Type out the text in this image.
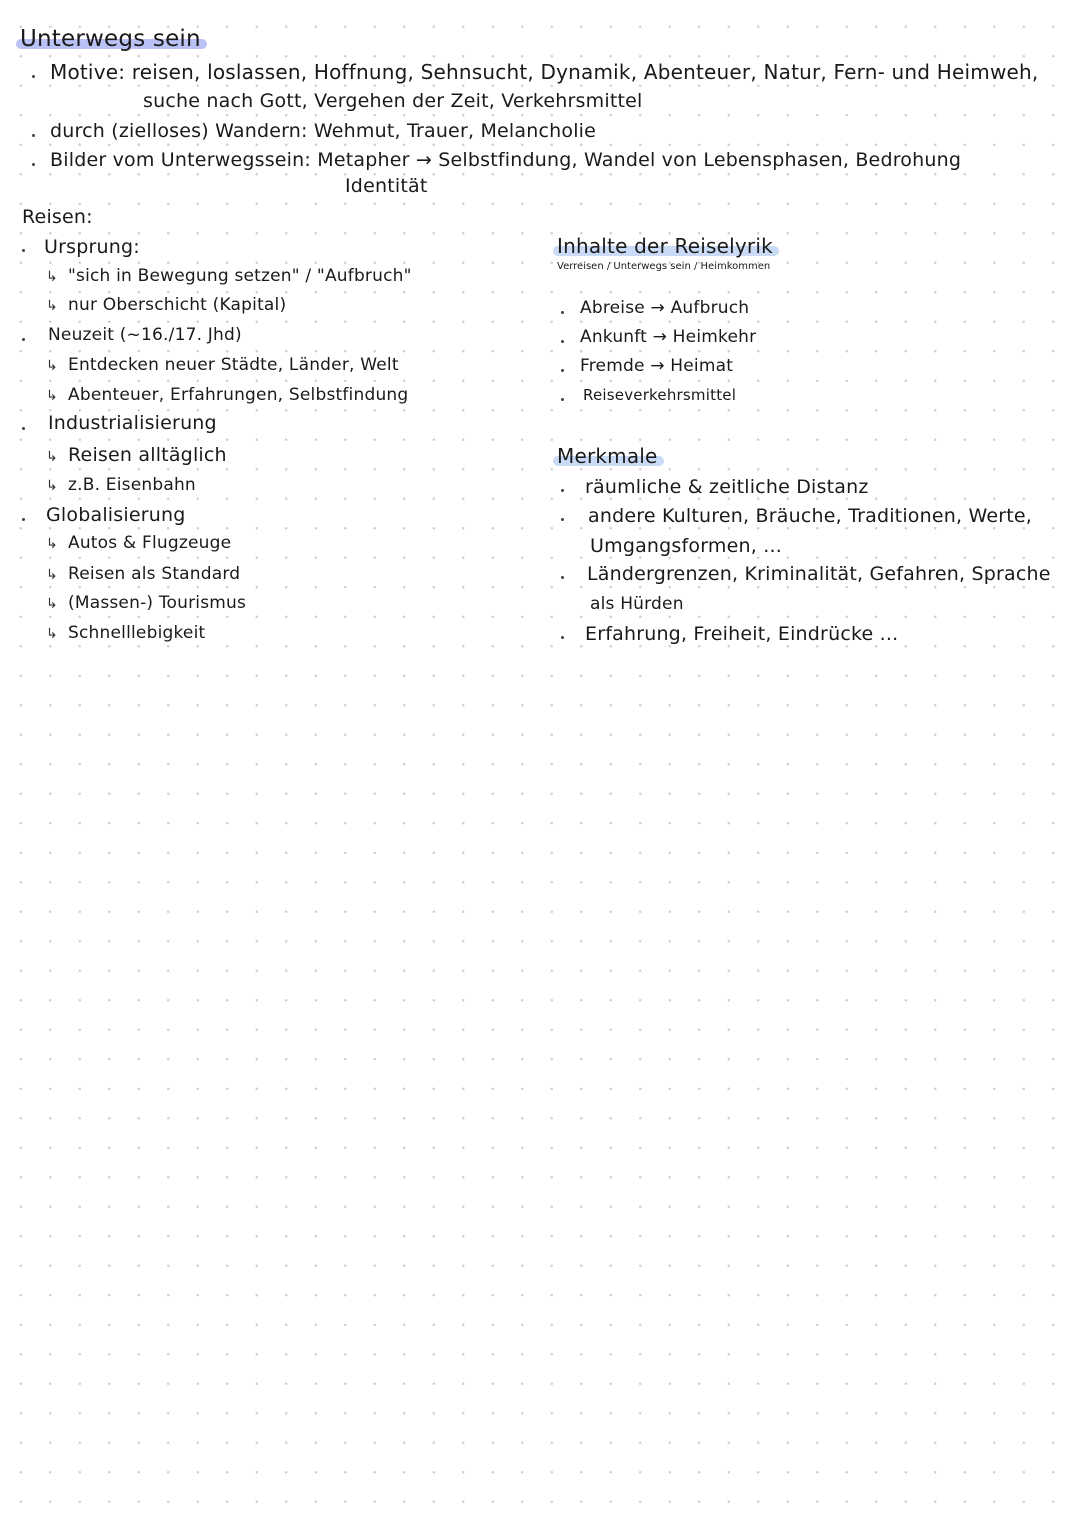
Unterwegs sein
Motive: reisen, loslassen, Hoffnung, Sehnsucht, Dynamik, Abenteuer, Natur, Fern- und Heimweh,
suche nach Gott, Vergehen der Zeit, Verkehrsmittel
durch (zielloses) Wandern: Wehmut, Trauer, Melancholie
Bilder vom Unterwegssein: Metapher → Selbstfindung, Wandel von Lebensphasen, Bedrohung
Identität
Reisen:
Ursprung:
↳ "sich in Bewegung setzen" / "Aufbruch"
↳ nur Oberschicht (Kapital)
Neuzeit (~16./17. Jhd)
↳ Entdecken neuer Städte, Länder, Welt
↳ Abenteuer, Erfahrungen, Selbstfindung
Industrialisierung
↳ Reisen alltäglich
↳ z.B. Eisenbahn
Globalisierung
↳ Autos & Flugzeuge
↳ Reisen als Standard
↳ (Massen-) Tourismus
↳ Schnelllebigkeit
Inhalte der Reiselyrik
Verreisen / Unterwegs sein / Heimkommen
Abreise → Aufbruch
Ankunft → Heimkehr
Fremde → Heimat
Reiseverkehrsmittel
Merkmale
räumliche & zeitliche Distanz
andere Kulturen, Bräuche, Traditionen, Werte,
Umgangsformen, ...
Ländergrenzen, Kriminalität, Gefahren, Sprache
als Hürden
Erfahrung, Freiheit, Eindrücke ...
